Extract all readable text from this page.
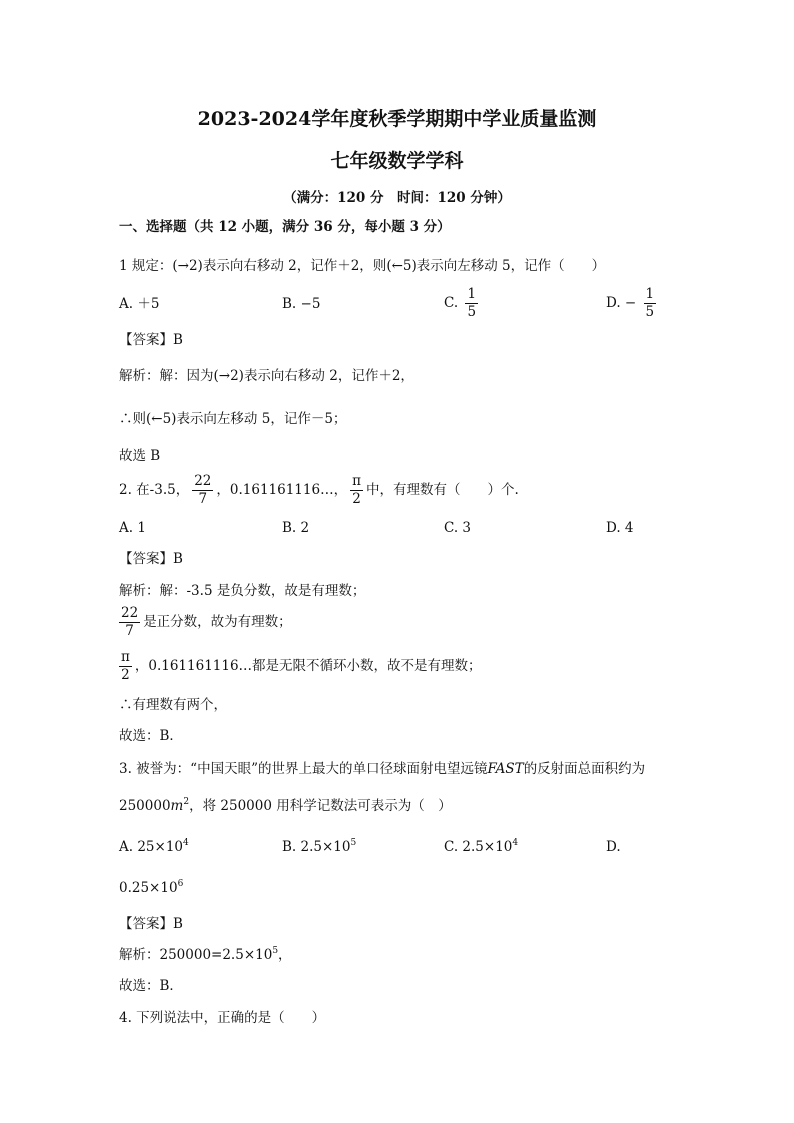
2023-2024学年度秋季学期期中学业质量监测
七年级数学学科
（满分：120 分　时间：120 分钟）
一、选择题（共 12 小题，满分 36 分，每小题 3 分）
1 规定：(→2)表示向右移动 2，记作＋2，则(←5)表示向左移动 5，记作（　　）
A. ＋5	B. −5	C. $\frac{1}{5}$	D. − $\frac{1}{5}$
【答案】B
解析：解：因为(→2)表示向右移动 2，记作＋2，
∴则(←5)表示向左移动 5，记作－5；
故选 B
2. 在-3.5， $\frac{22}{7}$ ，0.161161116…， $\frac{\pi}{2}$ 中，有理数有（　　）个.
A. 1	B. 2	C. 3	D. 4
【答案】B
解析：解：-3.5 是负分数，故是有理数；
$\frac{22}{7}$ 是正分数，故为有理数；
$\frac{\pi}{2}$ ，0.161161116…都是无限不循环小数，故不是有理数；
∴有理数有两个，
故选：B．
3. 被誉为：“中国天眼”的世界上最大的单口径球面射电望远镜FAST的反射面总面积约为
$250000m^2$，将 250000 用科学记数法可表示为（　）
A. $25\times 10^4$	B. $2.5\times 10^5$	C. $2.5\times 10^4$	D.
$0.25\times 10^6$
【答案】B
解析：$250000=2.5\times 10^5$，
故选：B．
4. 下列说法中，正确的是（　　）
